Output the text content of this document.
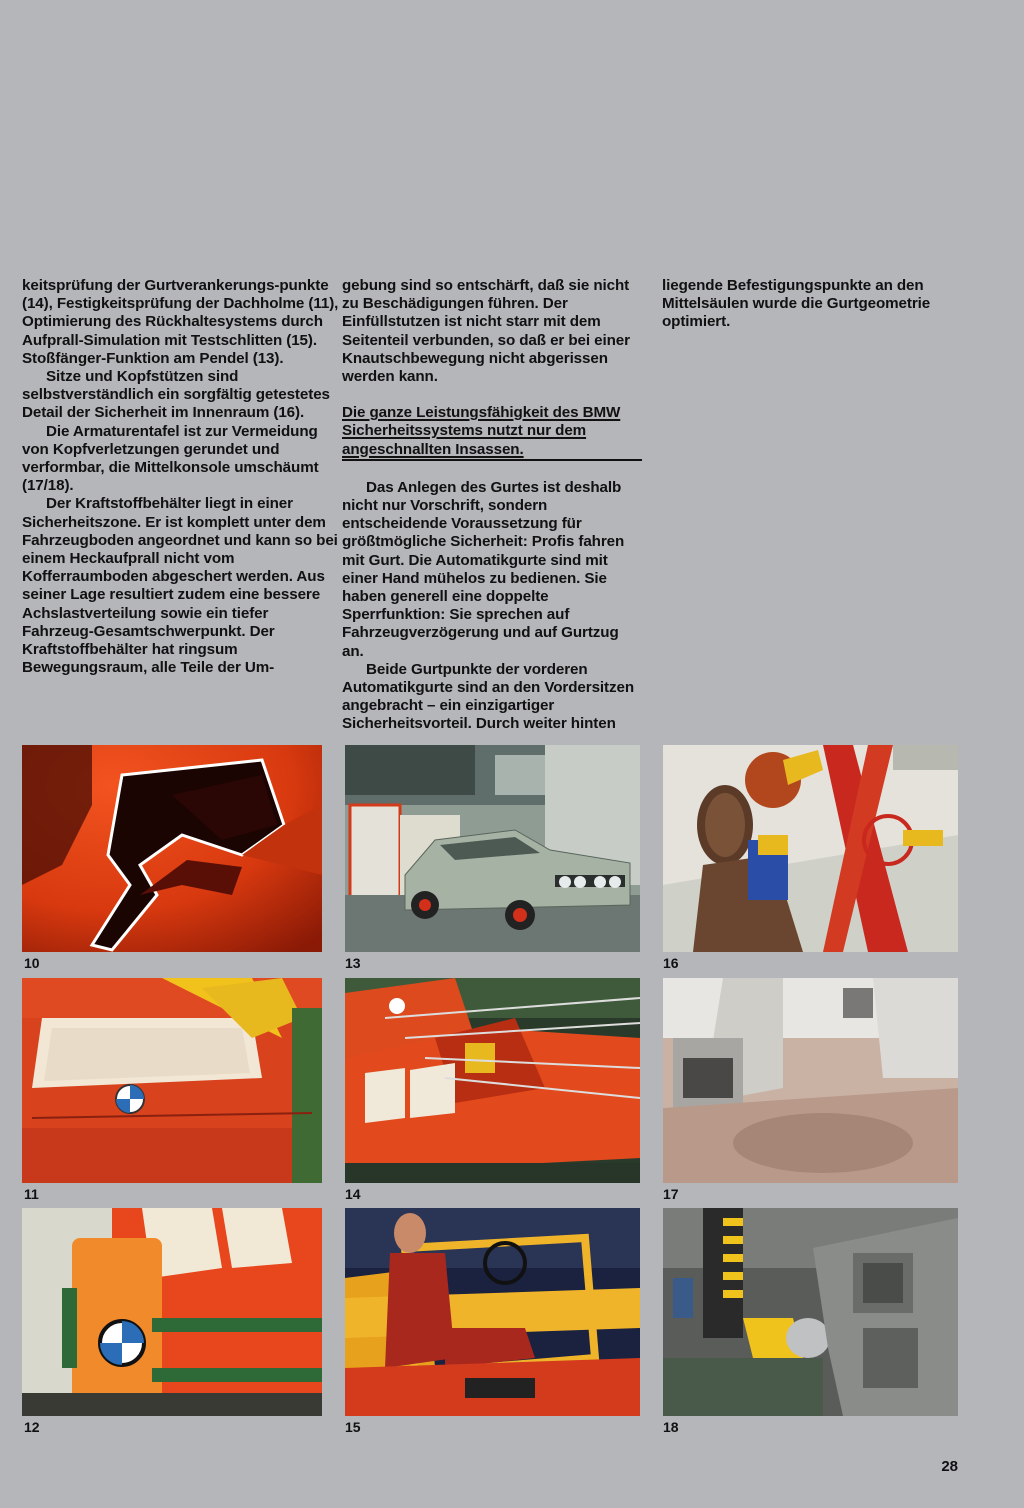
keitsprüfung der Gurtverankerungs-punkte (14), Festigkeitsprüfung der Dachholme (11), Optimierung des Rückhaltesystems durch Aufprall-Simulation mit Testschlitten (15). Stoßfänger-Funktion am Pendel (13).

Sitze und Kopfstützen sind selbstverständlich ein sorgfältig getestetes Detail der Sicherheit im Innenraum (16).

Die Armaturentafel ist zur Vermeidung von Kopfverletzungen gerundet und verformbar, die Mittelkonsole umschäumt (17/18).

Der Kraftstoffbehälter liegt in einer Sicherheitszone. Er ist komplett unter dem Fahrzeugboden angeordnet und kann so bei einem Heckaufprall nicht vom Kofferraumboden abgeschert werden. Aus seiner Lage resultiert zudem eine bessere Achslastverteilung sowie ein tiefer Fahrzeug-Gesamtschwerpunkt. Der Kraftstoffbehälter hat ringsum Bewegungsraum, alle Teile der Um-

gebung sind so entschärft, daß sie nicht zu Beschädigungen führen. Der Einfüllstutzen ist nicht starr mit dem Seitenteil verbunden, so daß er bei einer Knautschbewegung nicht abgerissen werden kann.

Die ganze Leistungsfähigkeit des BMW Sicherheitssystems nutzt nur dem angeschnallten Insassen.

Das Anlegen des Gurtes ist deshalb nicht nur Vorschrift, sondern entscheidende Voraussetzung für größtmögliche Sicherheit: Profis fahren mit Gurt. Die Automatikgurte sind mit einer Hand mühelos zu bedienen. Sie haben generell eine doppelte Sperrfunktion: Sie sprechen auf Fahrzeugverzögerung und auf Gurtzug an.

Beide Gurtpunkte der vorderen Automatikgurte sind an den Vordersitzen angebracht – ein einzigartiger Sicherheitsvorteil. Durch weiter hinten

liegende Befestigungspunkte an den Mittelsäulen wurde die Gurtgeometrie optimiert.

10	13	16
11	14	17
12	15	18
28
